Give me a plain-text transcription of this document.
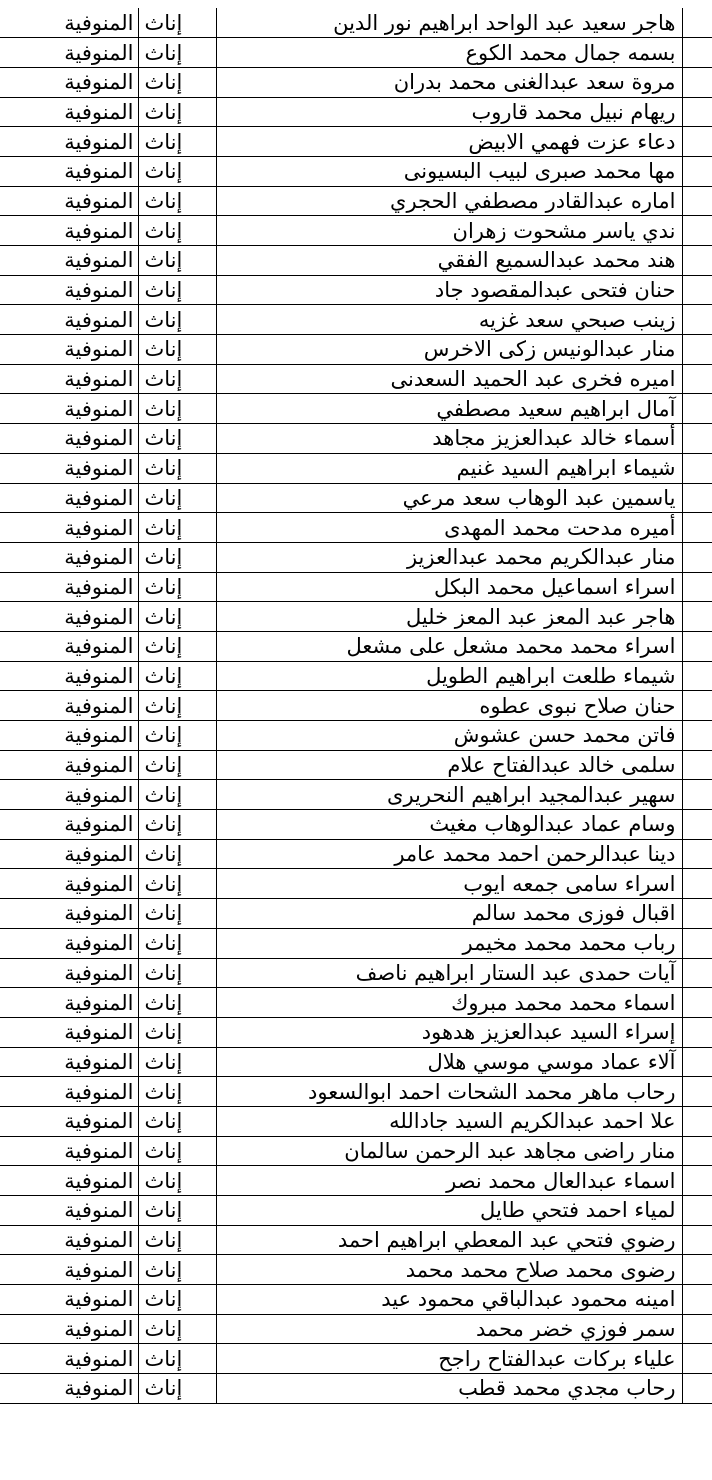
المنوفية	إناث	هاجر سعيد عبد الواحد ابراهيم نور الدين	
المنوفية	إناث	بسمه جمال محمد الكوع	
المنوفية	إناث	مروة سعد عبدالغنى محمد بدران	
المنوفية	إناث	ريهام نبيل محمد قاروب	
المنوفية	إناث	دعاء عزت فهمي الابيض	
المنوفية	إناث	مها محمد صبرى لبيب البسيونى	
المنوفية	إناث	اماره عبدالقادر مصطفي الحجري	
المنوفية	إناث	ندي ياسر مشحوت زهران	
المنوفية	إناث	هند محمد عبدالسميع الفقي	
المنوفية	إناث	حنان فتحى عبدالمقصود جاد	
المنوفية	إناث	زينب صبحي سعد غزيه	
المنوفية	إناث	منار عبدالونيس زكى الاخرس	
المنوفية	إناث	اميره فخرى عبد الحميد السعدنى	
المنوفية	إناث	آمال ابراهيم سعيد مصطفي	
المنوفية	إناث	أسماء خالد عبدالعزيز مجاهد	
المنوفية	إناث	شيماء ابراهيم السيد غنيم	
المنوفية	إناث	ياسمين عبد الوهاب سعد مرعي	
المنوفية	إناث	أميره مدحت محمد المهدى	
المنوفية	إناث	منار عبدالكريم محمد عبدالعزيز	
المنوفية	إناث	اسراء اسماعيل محمد البكل	
المنوفية	إناث	هاجر عبد المعز عبد المعز خليل	
المنوفية	إناث	اسراء محمد محمد مشعل على مشعل	
المنوفية	إناث	شيماء طلعت ابراهيم الطويل	
المنوفية	إناث	حنان صلاح نبوى عطوه	
المنوفية	إناث	فاتن محمد حسن عشوش	
المنوفية	إناث	سلمى خالد عبدالفتاح علام	
المنوفية	إناث	سهير عبدالمجيد ابراهيم النحريرى	
المنوفية	إناث	وسام عماد عبدالوهاب مغيث	
المنوفية	إناث	دينا عبدالرحمن احمد محمد عامر	
المنوفية	إناث	اسراء سامى جمعه ايوب	
المنوفية	إناث	اقبال فوزى محمد سالم	
المنوفية	إناث	رباب محمد محمد مخيمر	
المنوفية	إناث	آيات حمدى عبد الستار ابراهيم ناصف	
المنوفية	إناث	اسماء محمد محمد مبروك	
المنوفية	إناث	إسراء السيد عبدالعزيز هدهود	
المنوفية	إناث	آلاء عماد موسي موسي هلال	
المنوفية	إناث	رحاب ماهر محمد الشحات احمد ابوالسعود	
المنوفية	إناث	علا احمد عبدالكريم السيد جادالله	
المنوفية	إناث	منار راضى مجاهد عبد الرحمن سالمان	
المنوفية	إناث	اسماء عبدالعال محمد نصر	
المنوفية	إناث	لمياء احمد فتحي طايل	
المنوفية	إناث	رضوي فتحي عبد المعطي ابراهيم احمد	
المنوفية	إناث	رضوى محمد صلاح محمد محمد	
المنوفية	إناث	امينه محمود عبدالباقي محمود عيد	
المنوفية	إناث	سمر فوزي خضر محمد	
المنوفية	إناث	علياء بركات عبدالفتاح راجح	
المنوفية	إناث	رحاب مجدي محمد قطب	
